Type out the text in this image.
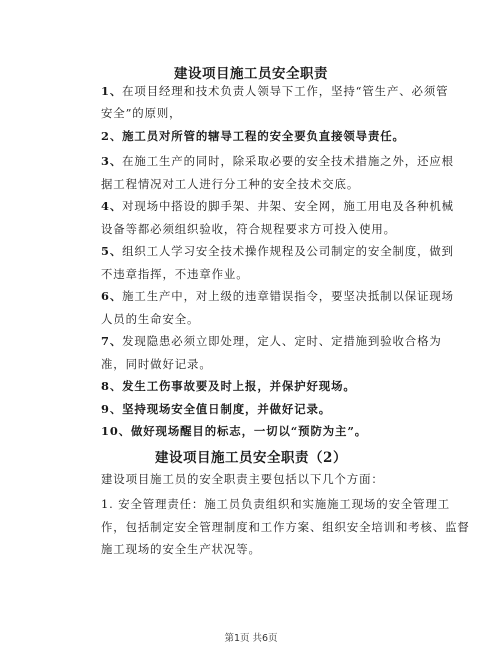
建设项目施工员安全职责
1、在项目经理和技术负责人领导下工作，坚持“管生产、必须管
安全”的原则，
2、施工员对所管的辖导工程的安全要负直接领导责任。
3、在施工生产的同时，除采取必要的安全技术措施之外，还应根
据工程情况对工人进行分工种的安全技术交底。
4、对现场中搭设的脚手架、井架、安全网，施工用电及各种机械
设备等都必须组织验收，符合规程要求方可投入使用。
5、组织工人学习安全技术操作规程及公司制定的安全制度，做到
不违章指挥，不违章作业。
6、施工生产中，对上级的违章错误指令，要坚决抵制以保证现场
人员的生命安全。
7、发现隐患必须立即处理，定人、定时、定措施到验收合格为
准，同时做好记录。
8、发生工伤事故要及时上报，并保护好现场。
9、坚持现场安全值日制度，并做好记录。
10、做好现场醒目的标志，一切以“预防为主”。
建设项目施工员安全职责（2）
建设项目施工员的安全职责主要包括以下几个方面：
1. 安全管理责任：施工员负责组织和实施施工现场的安全管理工
作，包括制定安全管理制度和工作方案、组织安全培训和考核、监督
施工现场的安全生产状况等。
第1页 共6页
